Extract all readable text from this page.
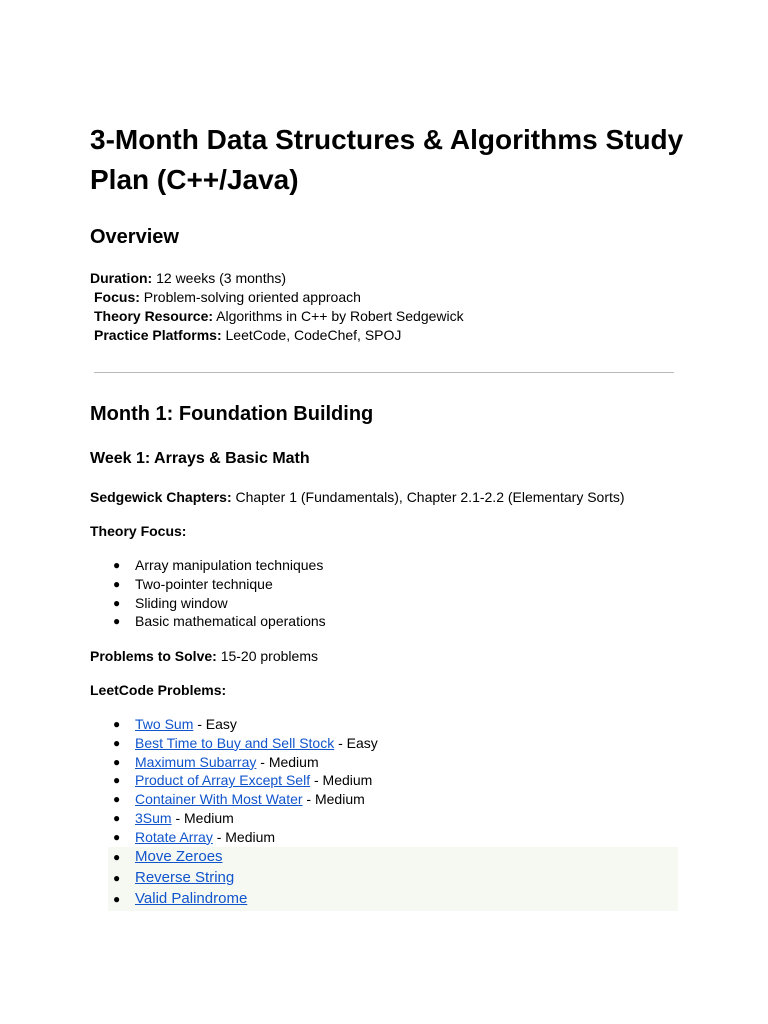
3-Month Data Structures & Algorithms Study Plan (C++/Java)
Overview
Duration: 12 weeks (3 months)
Focus: Problem-solving oriented approach
Theory Resource: Algorithms in C++ by Robert Sedgewick
Practice Platforms: LeetCode, CodeChef, SPOJ
Month 1: Foundation Building
Week 1: Arrays & Basic Math

Sedgewick Chapters: Chapter 1 (Fundamentals), Chapter 2.1-2.2 (Elementary Sorts)

Theory Focus:

● Array manipulation techniques
● Two-pointer technique
● Sliding window
● Basic mathematical operations

Problems to Solve: 15-20 problems

LeetCode Problems:

● Two Sum - Easy
● Best Time to Buy and Sell Stock - Easy
● Maximum Subarray - Medium
● Product of Array Except Self - Medium
● Container With Most Water - Medium
● 3Sum - Medium
● Rotate Array - Medium
● Move Zeroes
● Reverse String
● Valid Palindrome
